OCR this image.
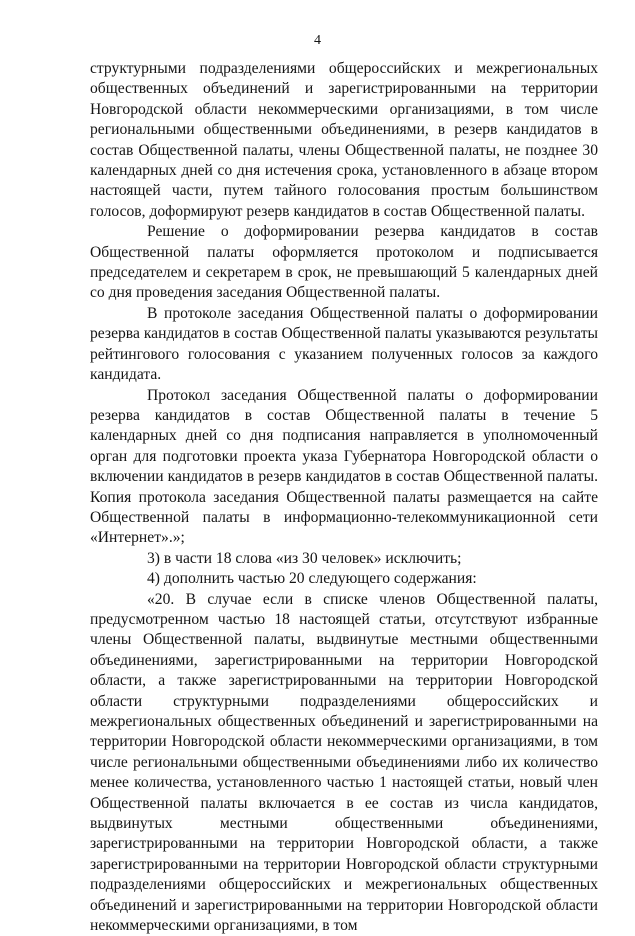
4

структурными подразделениями общероссийских и межрегиональных общественных объединений и зарегистрированными на территории Новгородской области некоммерческими организациями, в том числе региональными общественными объединениями, в резерв кандидатов в состав Общественной палаты, члены Общественной палаты, не позднее 30 календарных дней со дня истечения срока, установленного в абзаце втором настоящей части, путем тайного голосования простым большинством голосов, доформируют резерв кандидатов в состав Общественной палаты.

Решение о доформировании резерва кандидатов в состав Общественной палаты оформляется протоколом и подписывается председателем и секретарем в срок, не превышающий 5 календарных дней со дня проведения заседания Общественной палаты.

В протоколе заседания Общественной палаты о доформировании резерва кандидатов в состав Общественной палаты указываются результаты рейтингового голосования с указанием полученных голосов за каждого кандидата.

Протокол заседания Общественной палаты о доформировании резерва кандидатов в состав Общественной палаты в течение 5 календарных дней со дня подписания направляется в уполномоченный орган для подготовки проекта указа Губернатора Новгородской области о включении кандидатов в резерв кандидатов в состав Общественной палаты. Копия протокола заседания Общественной палаты размещается на сайте Общественной палаты в информационно-телекоммуникационной сети «Интернет».»;

3) в части 18 слова «из 30 человек» исключить;

4) дополнить частью 20 следующего содержания:

«20. В случае если в списке членов Общественной палаты, предусмотренном частью 18 настоящей статьи, отсутствуют избранные члены Общественной палаты, выдвинутые местными общественными объединениями, зарегистрированными на территории Новгородской области, а также зарегистрированными на территории Новгородской области структурными подразделениями общероссийских и межрегиональных общественных объединений и зарегистрированными на территории Новгородской области некоммерческими организациями, в том числе региональными общественными объединениями либо их количество менее количества, установленного частью 1 настоящей статьи, новый член Общественной палаты включается в ее состав из числа кандидатов, выдвинутых местными общественными объединениями, зарегистрированными на территории Новгородской области, а также зарегистрированными на территории Новгородской области структурными подразделениями общероссийских и межрегиональных общественных объединений и зарегистрированными на территории Новгородской области некоммерческими организациями, в том
